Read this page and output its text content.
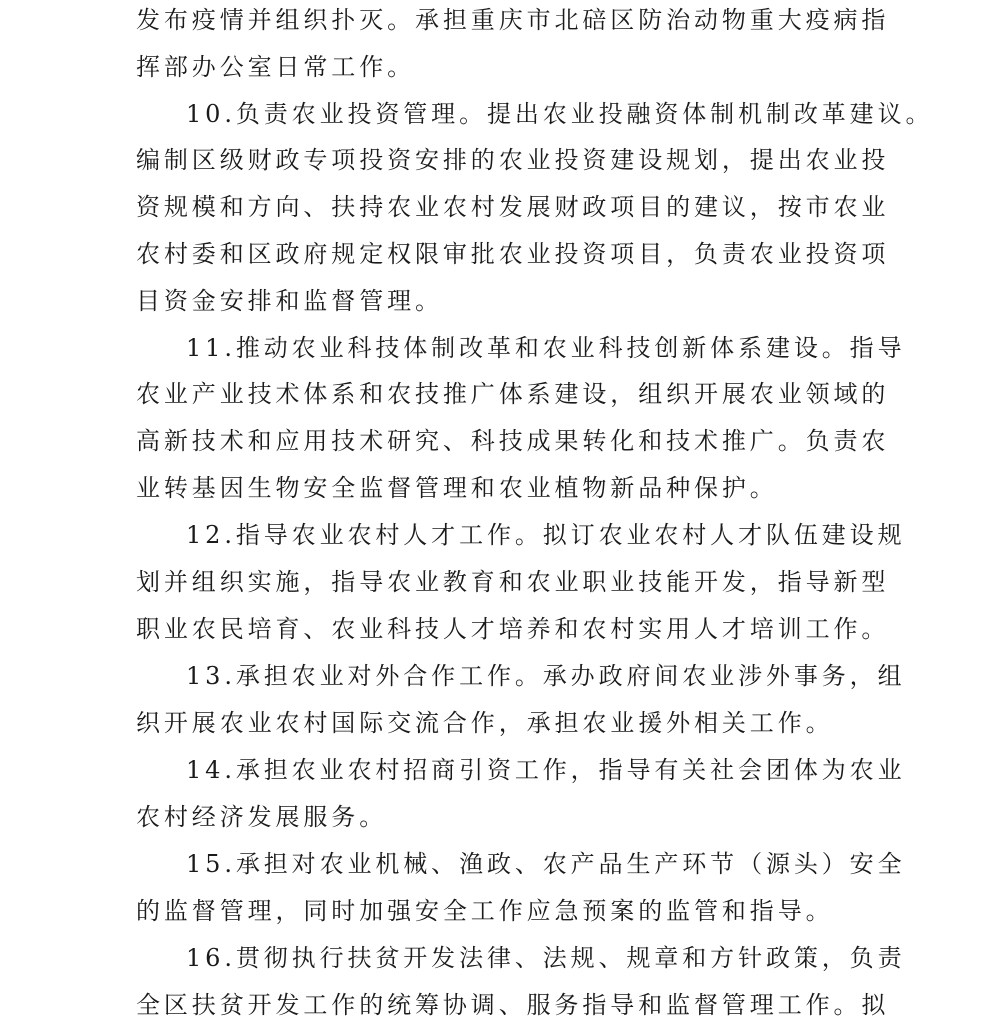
发布疫情并组织扑灭。承担重庆市北碚区防治动物重大疫病指
挥部办公室日常工作。
10.负责农业投资管理。提出农业投融资体制机制改革建议。
编制区级财政专项投资安排的农业投资建设规划，提出农业投
资规模和方向、扶持农业农村发展财政项目的建议，按市农业
农村委和区政府规定权限审批农业投资项目，负责农业投资项
目资金安排和监督管理。
11.推动农业科技体制改革和农业科技创新体系建设。指导
农业产业技术体系和农技推广体系建设，组织开展农业领域的
高新技术和应用技术研究、科技成果转化和技术推广。负责农
业转基因生物安全监督管理和农业植物新品种保护。
12.指导农业农村人才工作。拟订农业农村人才队伍建设规
划并组织实施，指导农业教育和农业职业技能开发，指导新型
职业农民培育、农业科技人才培养和农村实用人才培训工作。
13.承担农业对外合作工作。承办政府间农业涉外事务，组
织开展农业农村国际交流合作，承担农业援外相关工作。
14.承担农业农村招商引资工作，指导有关社会团体为农业
农村经济发展服务。
15.承担对农业机械、渔政、农产品生产环节（源头）安全
的监督管理，同时加强安全工作应急预案的监管和指导。
16.贯彻执行扶贫开发法律、法规、规章和方针政策，负责
全区扶贫开发工作的统筹协调、服务指导和监督管理工作。拟
